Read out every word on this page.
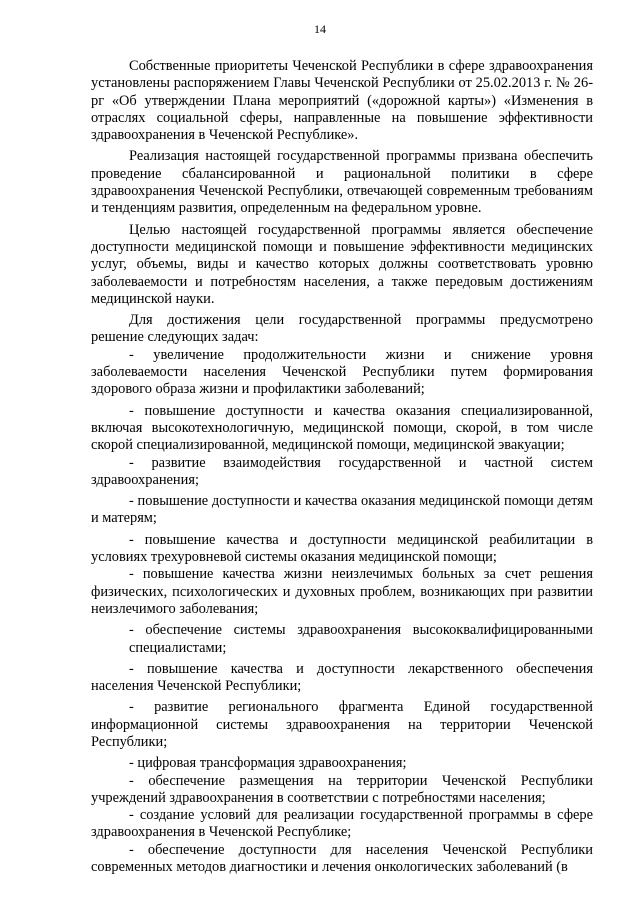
14

Собственные приоритеты Чеченской Республики в сфере здравоохранения установлены распоряжением Главы Чеченской Республики от 25.02.2013 г. № 26-рг «Об утверждении Плана мероприятий («дорожной карты») «Изменения в отраслях социальной сферы, направленные на повышение эффективности здравоохранения в Чеченской Республике».

Реализация настоящей государственной программы призвана обеспечить проведение сбалансированной и рациональной политики в сфере здравоохранения Чеченской Республики, отвечающей современным требованиям и тенденциям развития, определенным на федеральном уровне.

Целью настоящей государственной программы является обеспечение доступности медицинской помощи и повышение эффективности медицинских услуг, объемы, виды и качество которых должны соответствовать уровню заболеваемости и потребностям населения, а также передовым достижениям медицинской науки.

Для достижения цели государственной программы предусмотрено решение следующих задач:

- увеличение продолжительности жизни и снижение уровня заболеваемости населения Чеченской Республики путем формирования здорового образа жизни и профилактики заболеваний;

- повышение доступности и качества оказания специализированной, включая высокотехнологичную, медицинской помощи, скорой, в том числе скорой специализированной, медицинской помощи, медицинской эвакуации;

- развитие взаимодействия государственной и частной систем здравоохранения;

- повышение доступности и качества оказания медицинской помощи детям и матерям;

- повышение качества и доступности медицинской реабилитации в условиях трехуровневой системы оказания медицинской помощи;

- повышение качества жизни неизлечимых больных за счет решения физических, психологических и духовных проблем, возникающих при развитии неизлечимого заболевания;

- обеспечение системы здравоохранения высококвалифицированными специалистами;

- повышение качества и доступности лекарственного обеспечения населения Чеченской Республики;

- развитие регионального фрагмента Единой государственной информационной системы здравоохранения на территории Чеченской Республики;

- цифровая трансформация здравоохранения;

- обеспечение размещения на территории Чеченской Республики учреждений здравоохранения в соответствии с потребностями населения;

- создание условий для реализации государственной программы в сфере здравоохранения в Чеченской Республике;

- обеспечение доступности для населения Чеченской Республики современных методов диагностики и лечения онкологических заболеваний (в
